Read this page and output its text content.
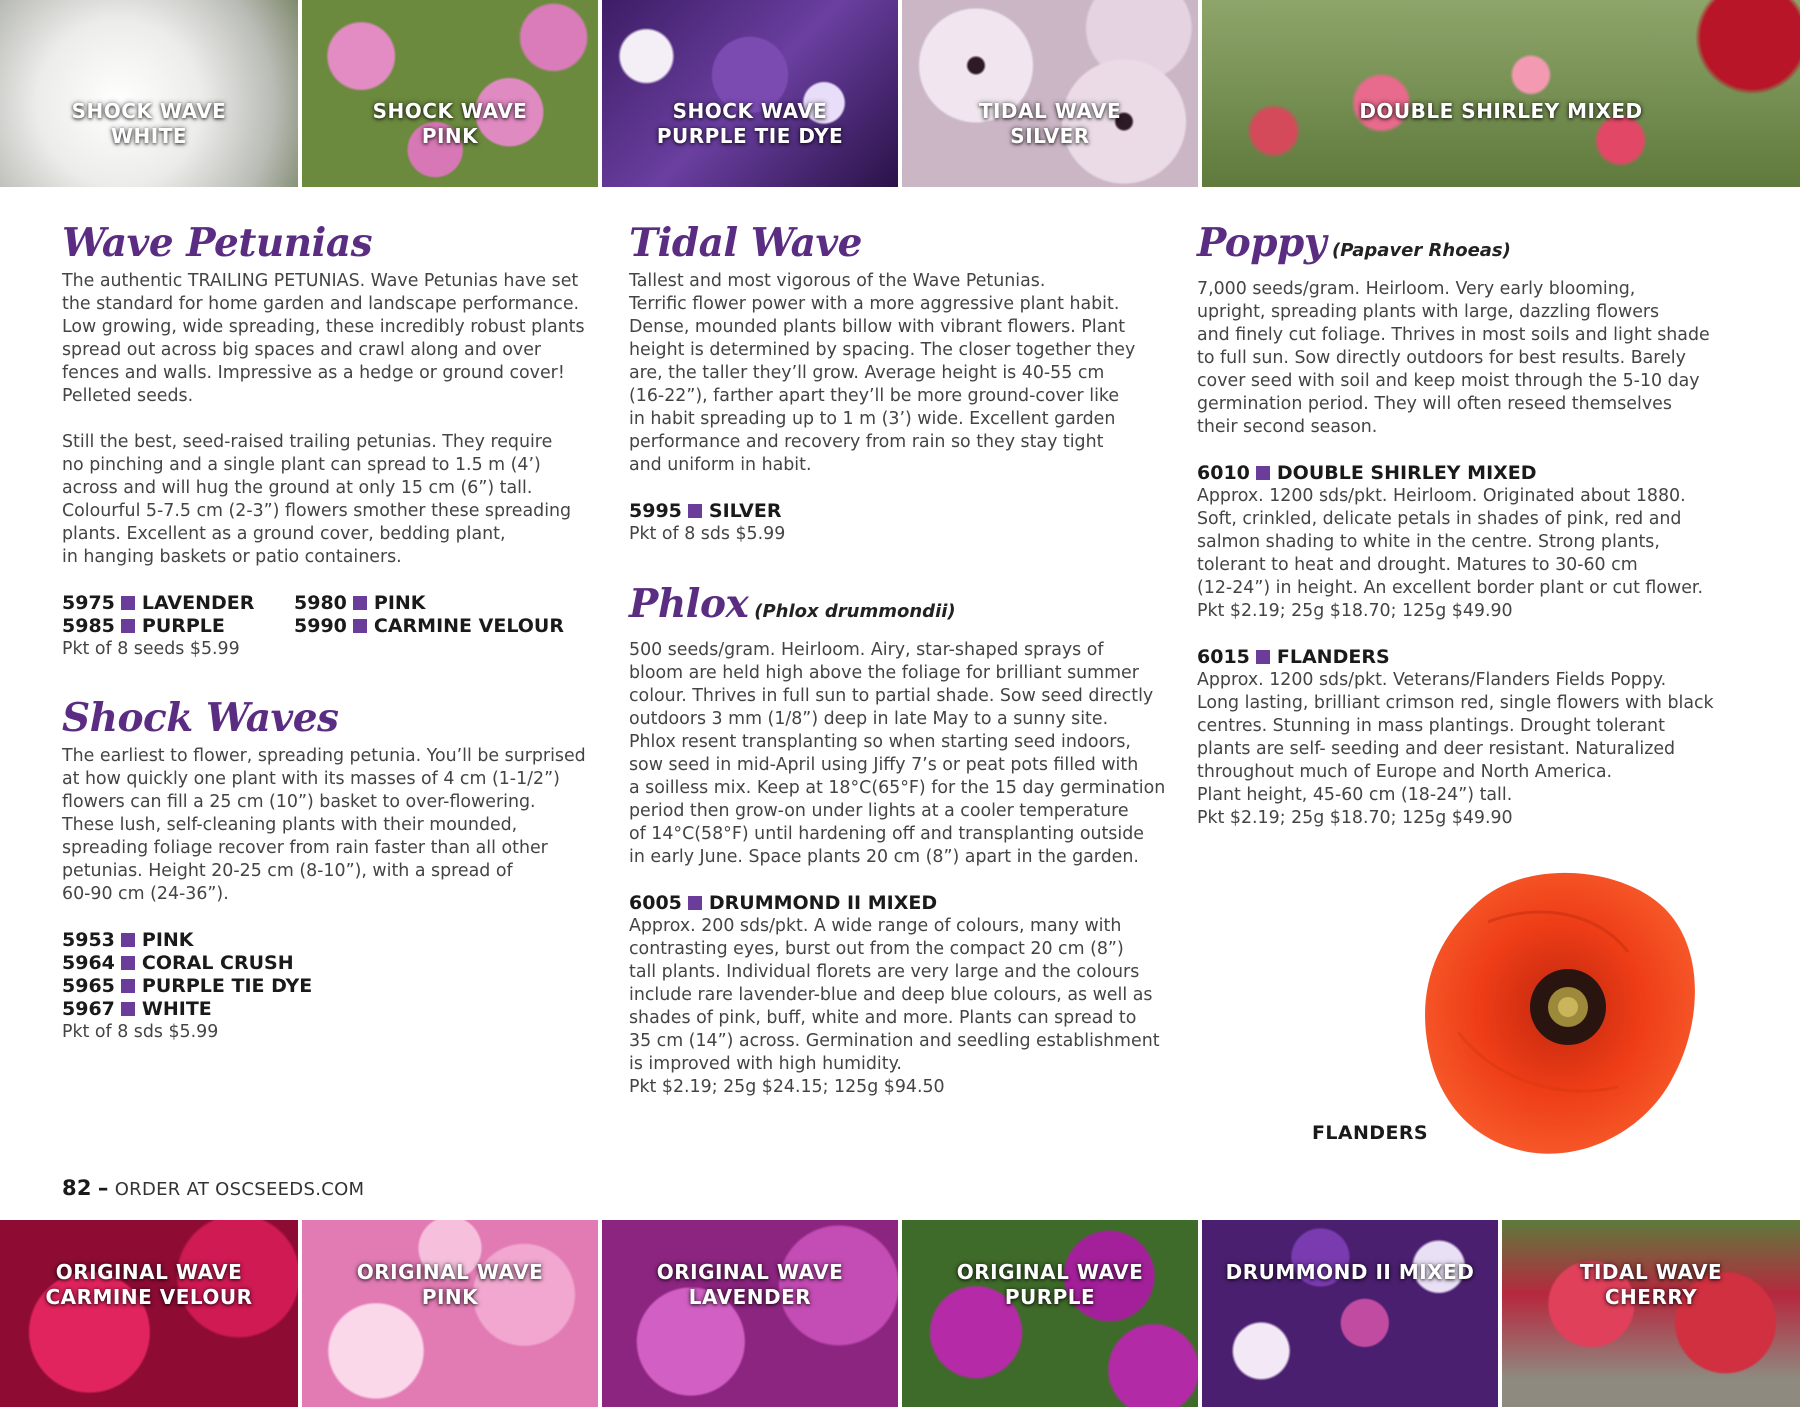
SHOCK WAVE
WHITE
SHOCK WAVE
PINK
SHOCK WAVE
PURPLE TIE DYE
TIDAL WAVE
SILVER
DOUBLE SHIRLEY MIXED
Wave Petunias

The authentic TRAILING PETUNIAS. Wave Petunias have set
the standard for home garden and landscape performance.
Low growing, wide spreading, these incredibly robust plants
spread out across big spaces and crawl along and over
fences and walls. Impressive as a hedge or ground cover!
Pelleted seeds.

Still the best, seed-raised trailing petunias. They require
no pinching and a single plant can spread to 1.5 m (4’)
across and will hug the ground at only 15 cm (6”) tall.
Colourful 5-7.5 cm (2-3”) flowers smother these spreading
plants. Excellent as a ground cover, bedding plant,
in hanging baskets or patio containers.

5975 LAVENDER	5980 PINK
5985 PURPLE	5990 CARMINE VELOUR
Pkt of 8 seeds $5.99
Shock Waves

The earliest to flower, spreading petunia. You’ll be surprised
at how quickly one plant with its masses of 4 cm (1-1/2”)
flowers can fill a 25 cm (10”) basket to over-flowering.
These lush, self-cleaning plants with their mounded,
spreading foliage recover from rain faster than all other
petunias. Height 20-25 cm (8-10”), with a spread of
60-90 cm (24-36”).

5953 PINK
5964 CORAL CRUSH
5965 PURPLE TIE DYE
5967 WHITE
Pkt of 8 sds $5.99
Tidal Wave

Tallest and most vigorous of the Wave Petunias.
Terrific flower power with a more aggressive plant habit.
Dense, mounded plants billow with vibrant flowers. Plant
height is determined by spacing. The closer together they
are, the taller they’ll grow. Average height is 40-55 cm
(16-22”), farther apart they’ll be more ground-cover like
in habit spreading up to 1 m (3’) wide. Excellent garden
performance and recovery from rain so they stay tight
and uniform in habit.

5995 SILVER
Pkt of 8 sds $5.99
Phlox (Phlox drummondii)

500 seeds/gram. Heirloom. Airy, star-shaped sprays of
bloom are held high above the foliage for brilliant summer
colour. Thrives in full sun to partial shade. Sow seed directly
outdoors 3 mm (1/8”) deep in late May to a sunny site.
Phlox resent transplanting so when starting seed indoors,
sow seed in mid-April using Jiffy 7’s or peat pots filled with
a soilless mix. Keep at 18°C(65°F) for the 15 day germination
period then grow-on under lights at a cooler temperature
of 14°C(58°F) until hardening off and transplanting outside
in early June. Space plants 20 cm (8”) apart in the garden.

6005 DRUMMOND II MIXED

Approx. 200 sds/pkt. A wide range of colours, many with
contrasting eyes, burst out from the compact 20 cm (8”)
tall plants. Individual florets are very large and the colours
include rare lavender-blue and deep blue colours, as well as
shades of pink, buff, white and more. Plants can spread to
35 cm (14”) across. Germination and seedling establishment
is improved with high humidity.

Pkt $2.19; 25g $24.15; 125g $94.50
Poppy (Papaver Rhoeas)

7,000 seeds/gram. Heirloom. Very early blooming,
upright, spreading plants with large, dazzling flowers
and finely cut foliage. Thrives in most soils and light shade
to full sun. Sow directly outdoors for best results. Barely
cover seed with soil and keep moist through the 5-10 day
germination period. They will often reseed themselves
their second season.

6010 DOUBLE SHIRLEY MIXED

Approx. 1200 sds/pkt. Heirloom. Originated about 1880.
Soft, crinkled, delicate petals in shades of pink, red and
salmon shading to white in the centre. Strong plants,
tolerant to heat and drought. Matures to 30-60 cm
(12-24”) in height. An excellent border plant or cut flower.

Pkt $2.19; 25g $18.70; 125g $49.90
6015 FLANDERS

Approx. 1200 sds/pkt. Veterans/Flanders Fields Poppy.
Long lasting, brilliant crimson red, single flowers with black
centres. Stunning in mass plantings. Drought tolerant
plants are self- seeding and deer resistant. Naturalized
throughout much of Europe and North America.
Plant height, 45-60 cm (18-24”) tall.

Pkt $2.19; 25g $18.70; 125g $49.90
FLANDERS
82 – ORDER AT OSCSEEDS.COM
ORIGINAL WAVE
CARMINE VELOUR
ORIGINAL WAVE
PINK
ORIGINAL WAVE
LAVENDER
ORIGINAL WAVE
PURPLE
DRUMMOND II MIXED	TIDAL WAVE
CHERRY
